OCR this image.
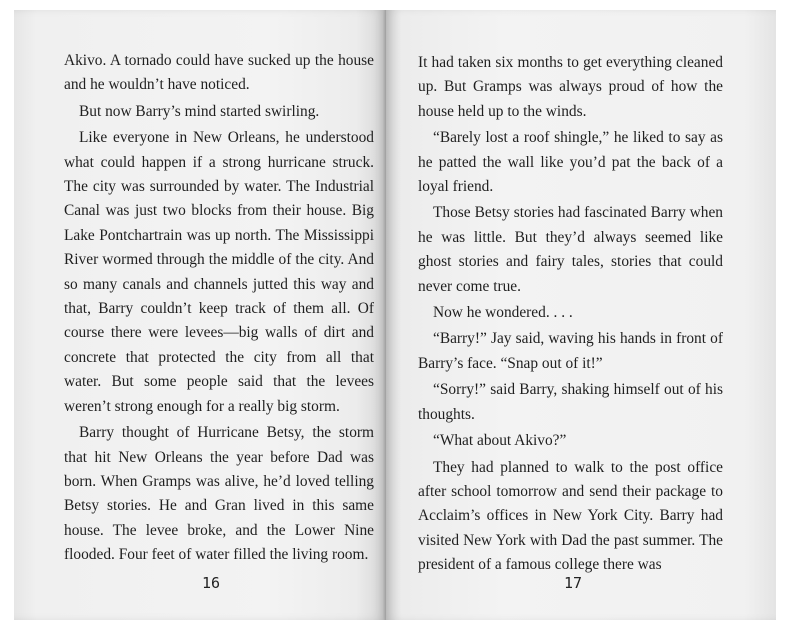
Akivo. A tornado could have sucked up the house and he wouldn’t have noticed.

But now Barry’s mind started swirling.

Like everyone in New Orleans, he understood what could happen if a strong hurricane struck. The city was surrounded by water. The Industrial Canal was just two blocks from their house. Big Lake Pontchartrain was up north. The Mississippi River wormed through the middle of the city. And so many canals and channels jutted this way and that, Barry couldn’t keep track of them all. Of course there were levees—big walls of dirt and concrete that protected the city from all that water. But some people said that the levees weren’t strong enough for a really big storm.

Barry thought of Hurricane Betsy, the storm that hit New Orleans the year before Dad was born. When Gramps was alive, he’d loved telling Betsy stories. He and Gran lived in this same house. The levee broke, and the Lower Nine flooded. Four feet of water filled the living room.

16

It had taken six months to get everything cleaned up. But Gramps was always proud of how the house held up to the winds.

“Barely lost a roof shingle,” he liked to say as he patted the wall like you’d pat the back of a loyal friend.

Those Betsy stories had fascinated Barry when he was little. But they’d always seemed like ghost stories and fairy tales, stories that could never come true.

Now he wondered. . . .

“Barry!” Jay said, waving his hands in front of Barry’s face. “Snap out of it!”

“Sorry!” said Barry, shaking himself out of his thoughts.

“What about Akivo?”

They had planned to walk to the post office after school tomorrow and send their package to Acclaim’s offices in New York City. Barry had visited New York with Dad the past summer. The president of a famous college there was

17
